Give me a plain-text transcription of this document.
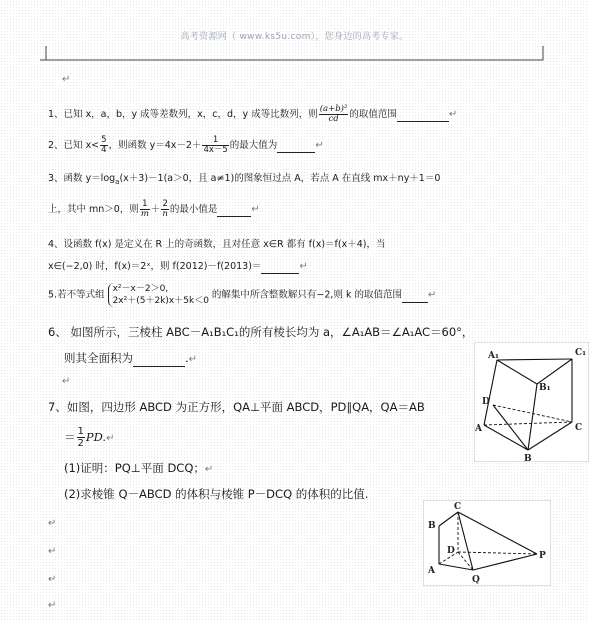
高考资源网（ www.ks5u.com），您身边的高考专家。
↵
1、已知 x，a，b，y 成等差数列，x，c，d，y 成等比数列，则 $\frac{\text{(a+b)²}}{cd}$ 的取值范围	↵
2、已知 $x< \frac{5}{4}$ ，则函数 $y=4x-2+ \frac{1}{4x-5}$ 的最大值为	↵
3、函数 $y=\log_a(x+3)-1(a>0$，且 a≠1)的图象恒过点 A，若点 A 在直线 mx＋ny＋1＝0
上，其中 mn＞0，则 $\frac{1}{m} + \frac{2}{n}$ 的最小值是	↵
4、设函数 f(x) 是定义在 R 上的奇函数，且对任意 x∈R 都有 f(x)＝f(x＋4)，当
x∈(−2,0) 时，f(x)＝2ˣ，则 f(2012)－f(2013)＝	↵
5.若不等式组
x²－x－2＞0,
2x²＋(5＋2k)x＋5k＜0
的解集中所含整数解只有−2,则 k 的取值范围	↵
6、 如图所示，三棱柱 ABC－A₁B₁C₁的所有棱长均为 a，∠A₁AB＝∠A₁AC＝60°，
则其全面积为	.↵
↵
A₁	C₁
B₁
D
A	C
B
7、如图，四边形 ABCD 为正方形，QA⊥平面 ABCD，PD∥QA，QA＝AB
＝ $\frac{1}{2}$ PD.↵
(1)证明：PQ⊥平面 DCQ；↵
(2)求棱锥 Q－ABCD 的体积与棱锥 P－DCQ 的体积的比值.
↵
↵
↵
↵
B
C
D	P
A
Q
